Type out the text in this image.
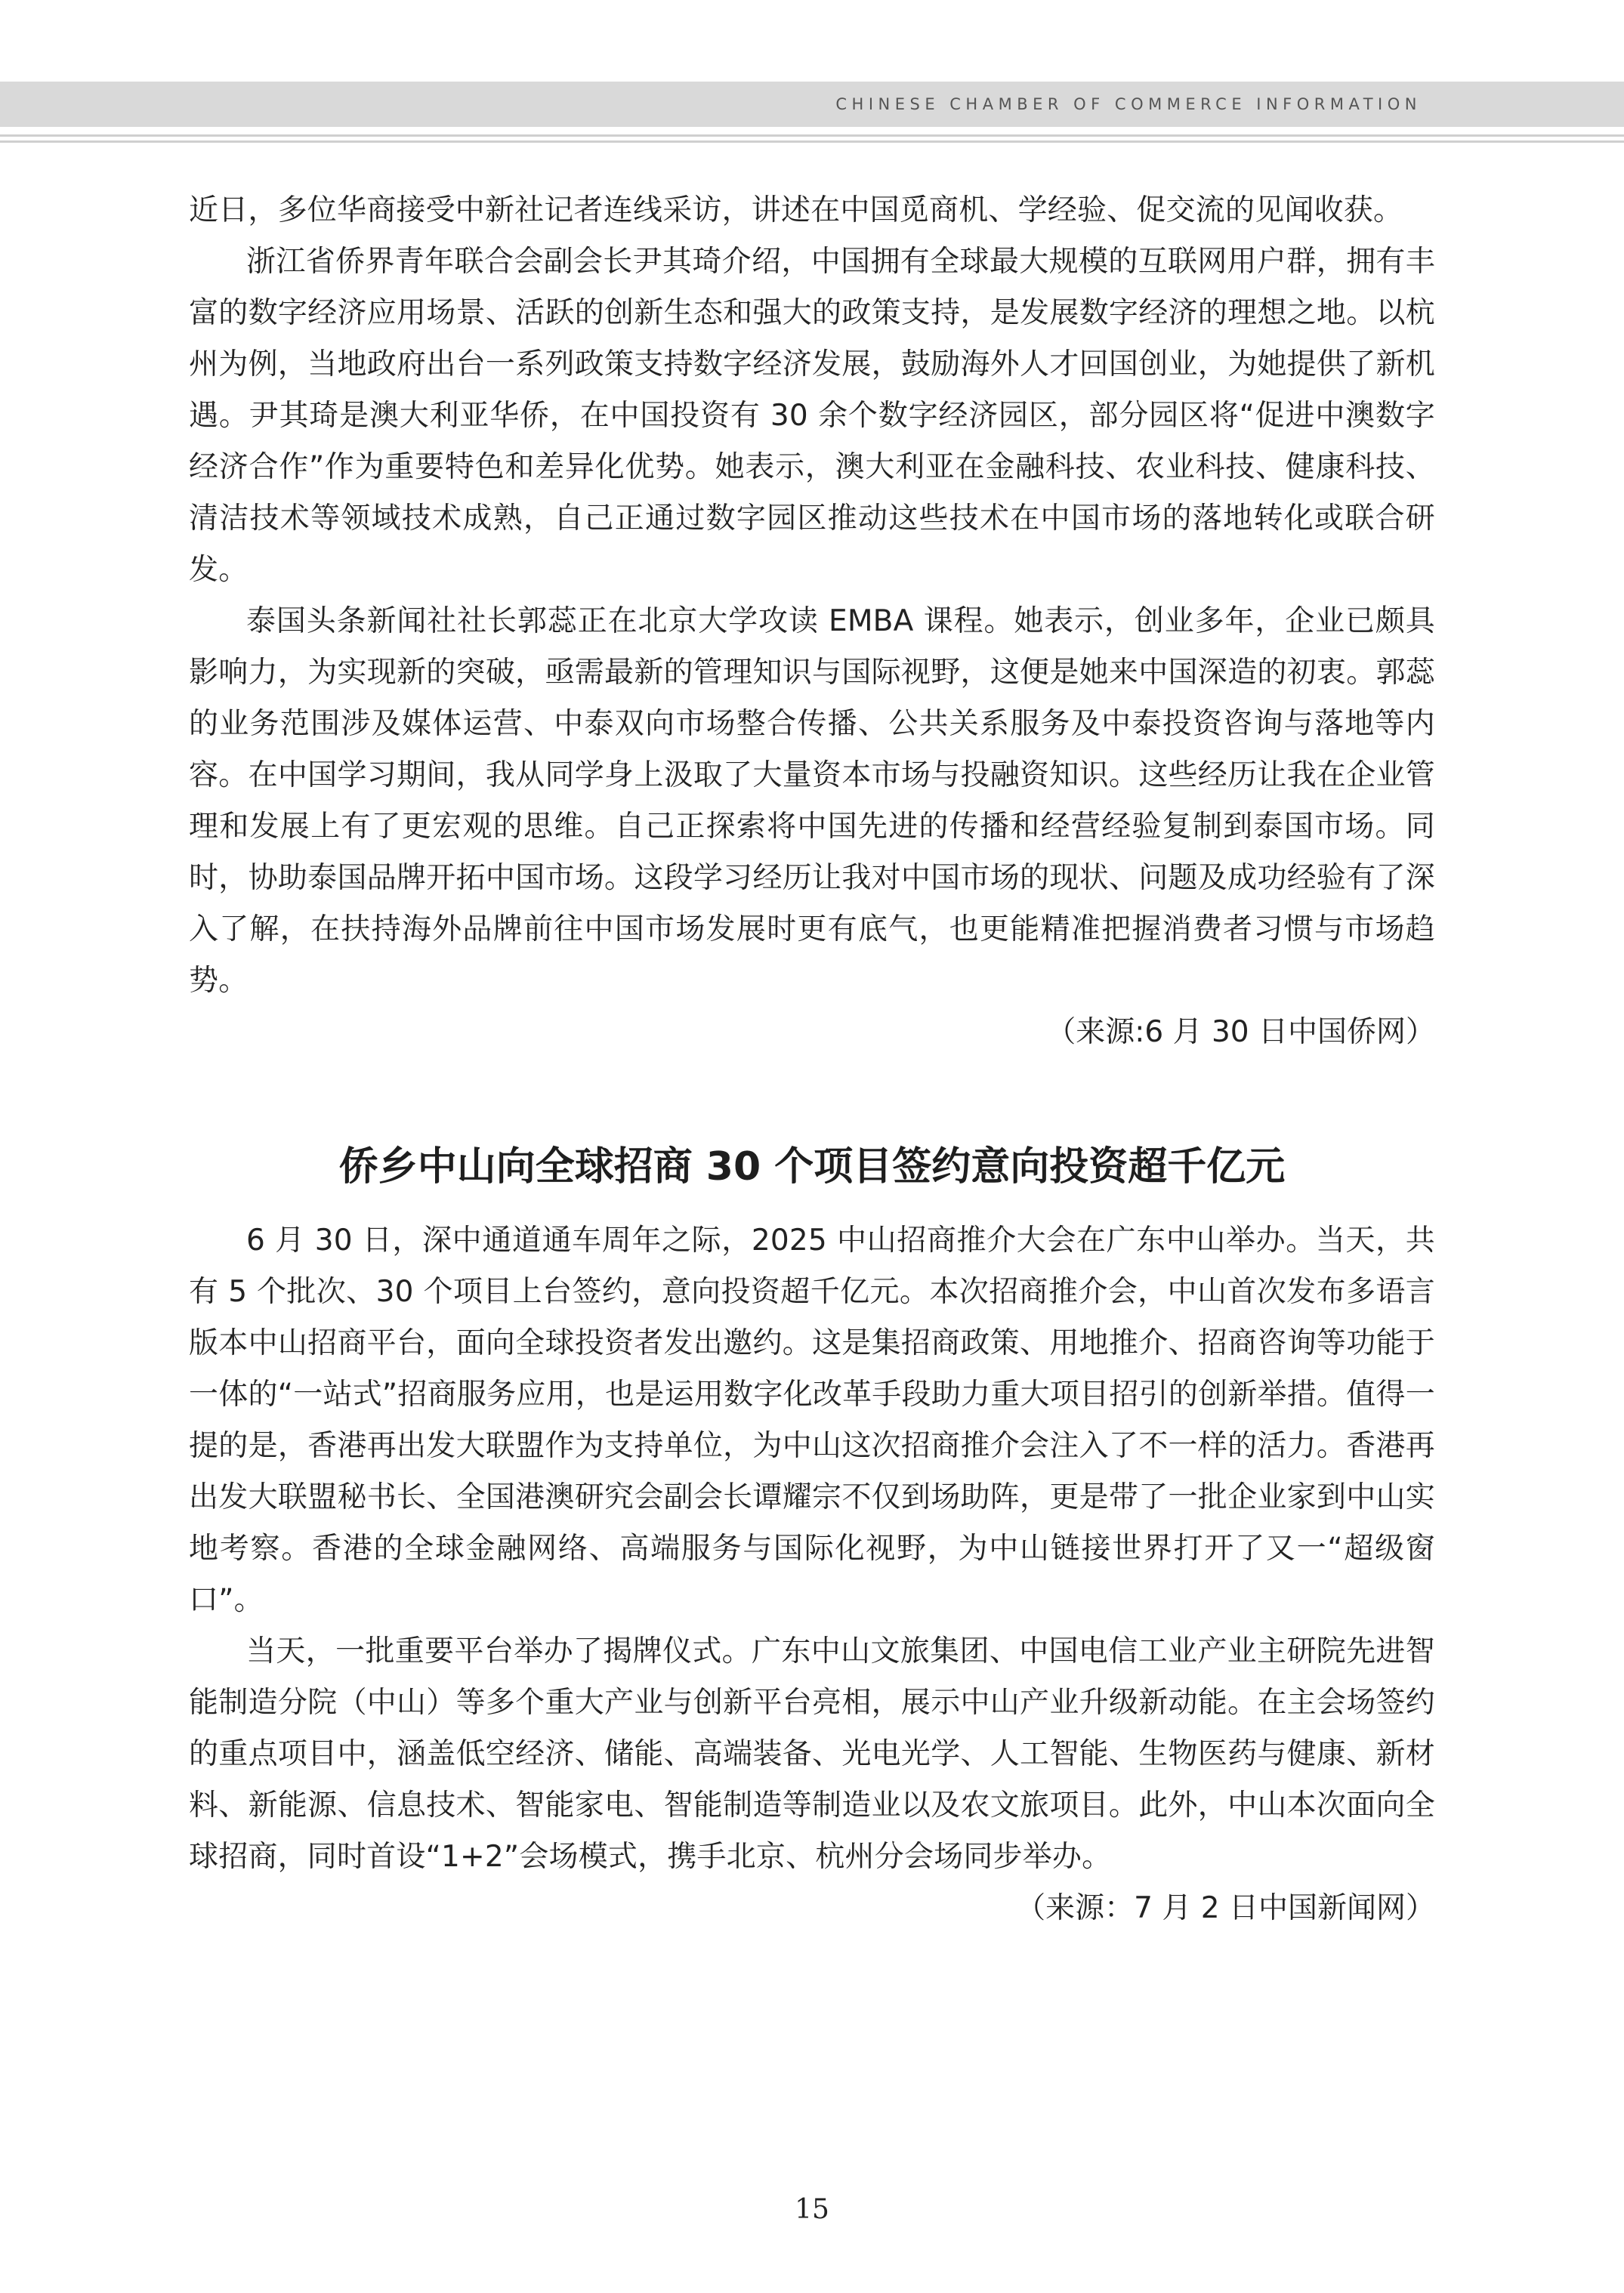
CHINESE CHAMBER OF COMMERCE INFORMATION

近日，多位华商接受中新社记者连线采访，讲述在中国觅商机、学经验、促交流的见闻收获。

浙江省侨界青年联合会副会长尹其琦介绍，中国拥有全球最大规模的互联网用户群，拥有丰富的数字经济应用场景、活跃的创新生态和强大的政策支持，是发展数字经济的理想之地。以杭州为例，当地政府出台一系列政策支持数字经济发展，鼓励海外人才回国创业，为她提供了新机遇。尹其琦是澳大利亚华侨，在中国投资有 30 余个数字经济园区，部分园区将“促进中澳数字经济合作”作为重要特色和差异化优势。她表示，澳大利亚在金融科技、农业科技、健康科技、清洁技术等领域技术成熟，自己正通过数字园区推动这些技术在中国市场的落地转化或联合研发。

泰国头条新闻社社长郭蕊正在北京大学攻读 EMBA 课程。她表示，创业多年，企业已颇具影响力，为实现新的突破，亟需最新的管理知识与国际视野，这便是她来中国深造的初衷。郭蕊的业务范围涉及媒体运营、中泰双向市场整合传播、公共关系服务及中泰投资咨询与落地等内容。在中国学习期间，我从同学身上汲取了大量资本市场与投融资知识。这些经历让我在企业管理和发展上有了更宏观的思维。自己正探索将中国先进的传播和经营经验复制到泰国市场。同时，协助泰国品牌开拓中国市场。这段学习经历让我对中国市场的现状、问题及成功经验有了深入了解，在扶持海外品牌前往中国市场发展时更有底气，也更能精准把握消费者习惯与市场趋势。

（来源:6 月 30 日中国侨网）

侨乡中山向全球招商 30 个项目签约意向投资超千亿元

6 月 30 日，深中通道通车周年之际，2025 中山招商推介大会在广东中山举办。当天，共有 5 个批次、30 个项目上台签约，意向投资超千亿元。本次招商推介会，中山首次发布多语言版本中山招商平台，面向全球投资者发出邀约。这是集招商政策、用地推介、招商咨询等功能于一体的“一站式”招商服务应用，也是运用数字化改革手段助力重大项目招引的创新举措。值得一提的是，香港再出发大联盟作为支持单位，为中山这次招商推介会注入了不一样的活力。香港再出发大联盟秘书长、全国港澳研究会副会长谭耀宗不仅到场助阵，更是带了一批企业家到中山实地考察。香港的全球金融网络、高端服务与国际化视野，为中山链接世界打开了又一“超级窗口”。

当天，一批重要平台举办了揭牌仪式。广东中山文旅集团、中国电信工业产业主研院先进智能制造分院（中山）等多个重大产业与创新平台亮相，展示中山产业升级新动能。在主会场签约的重点项目中，涵盖低空经济、储能、高端装备、光电光学、人工智能、生物医药与健康、新材料、新能源、信息技术、智能家电、智能制造等制造业以及农文旅项目。此外，中山本次面向全球招商，同时首设“1+2”会场模式，携手北京、杭州分会场同步举办。

（来源：7 月 2 日中国新闻网）

15
